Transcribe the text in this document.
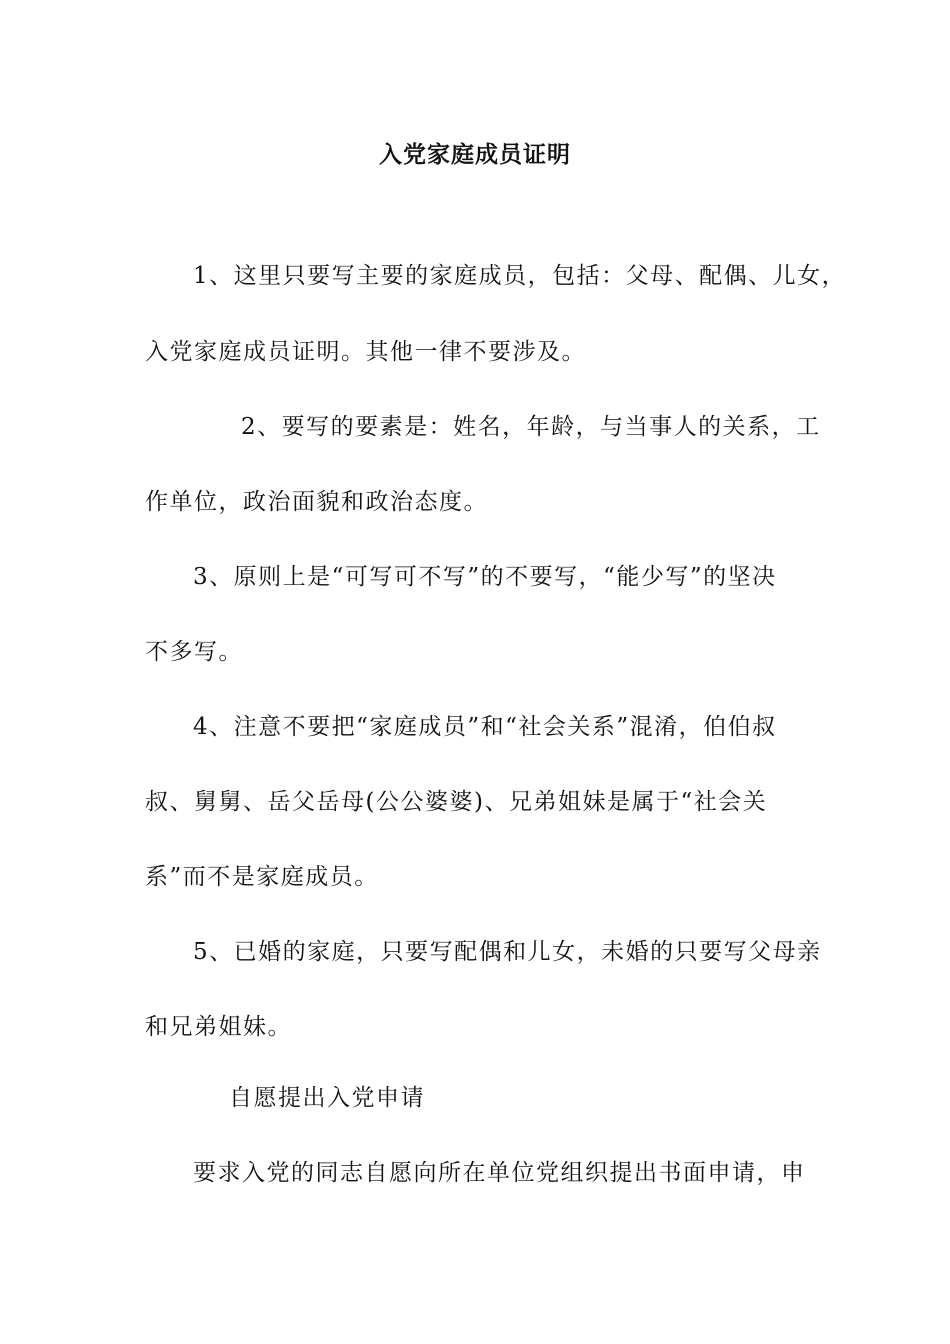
入党家庭成员证明
1、这里只要写主要的家庭成员，包括：父母、配偶、儿女，
入党家庭成员证明。其他一律不要涉及。
2、要写的要素是：姓名，年龄，与当事人的关系，工
作单位，政治面貌和政治态度。
3、原则上是“可写可不写”的不要写，“能少写”的坚决
不多写。
4、注意不要把“家庭成员”和“社会关系”混淆，伯伯叔
叔、舅舅、岳父岳母(公公婆婆)、兄弟姐妹是属于“社会关
系”而不是家庭成员。
5、已婚的家庭，只要写配偶和儿女，未婚的只要写父母亲
和兄弟姐妹。
自愿提出入党申请
要求入党的同志自愿向所在单位党组织提出书面申请，申
